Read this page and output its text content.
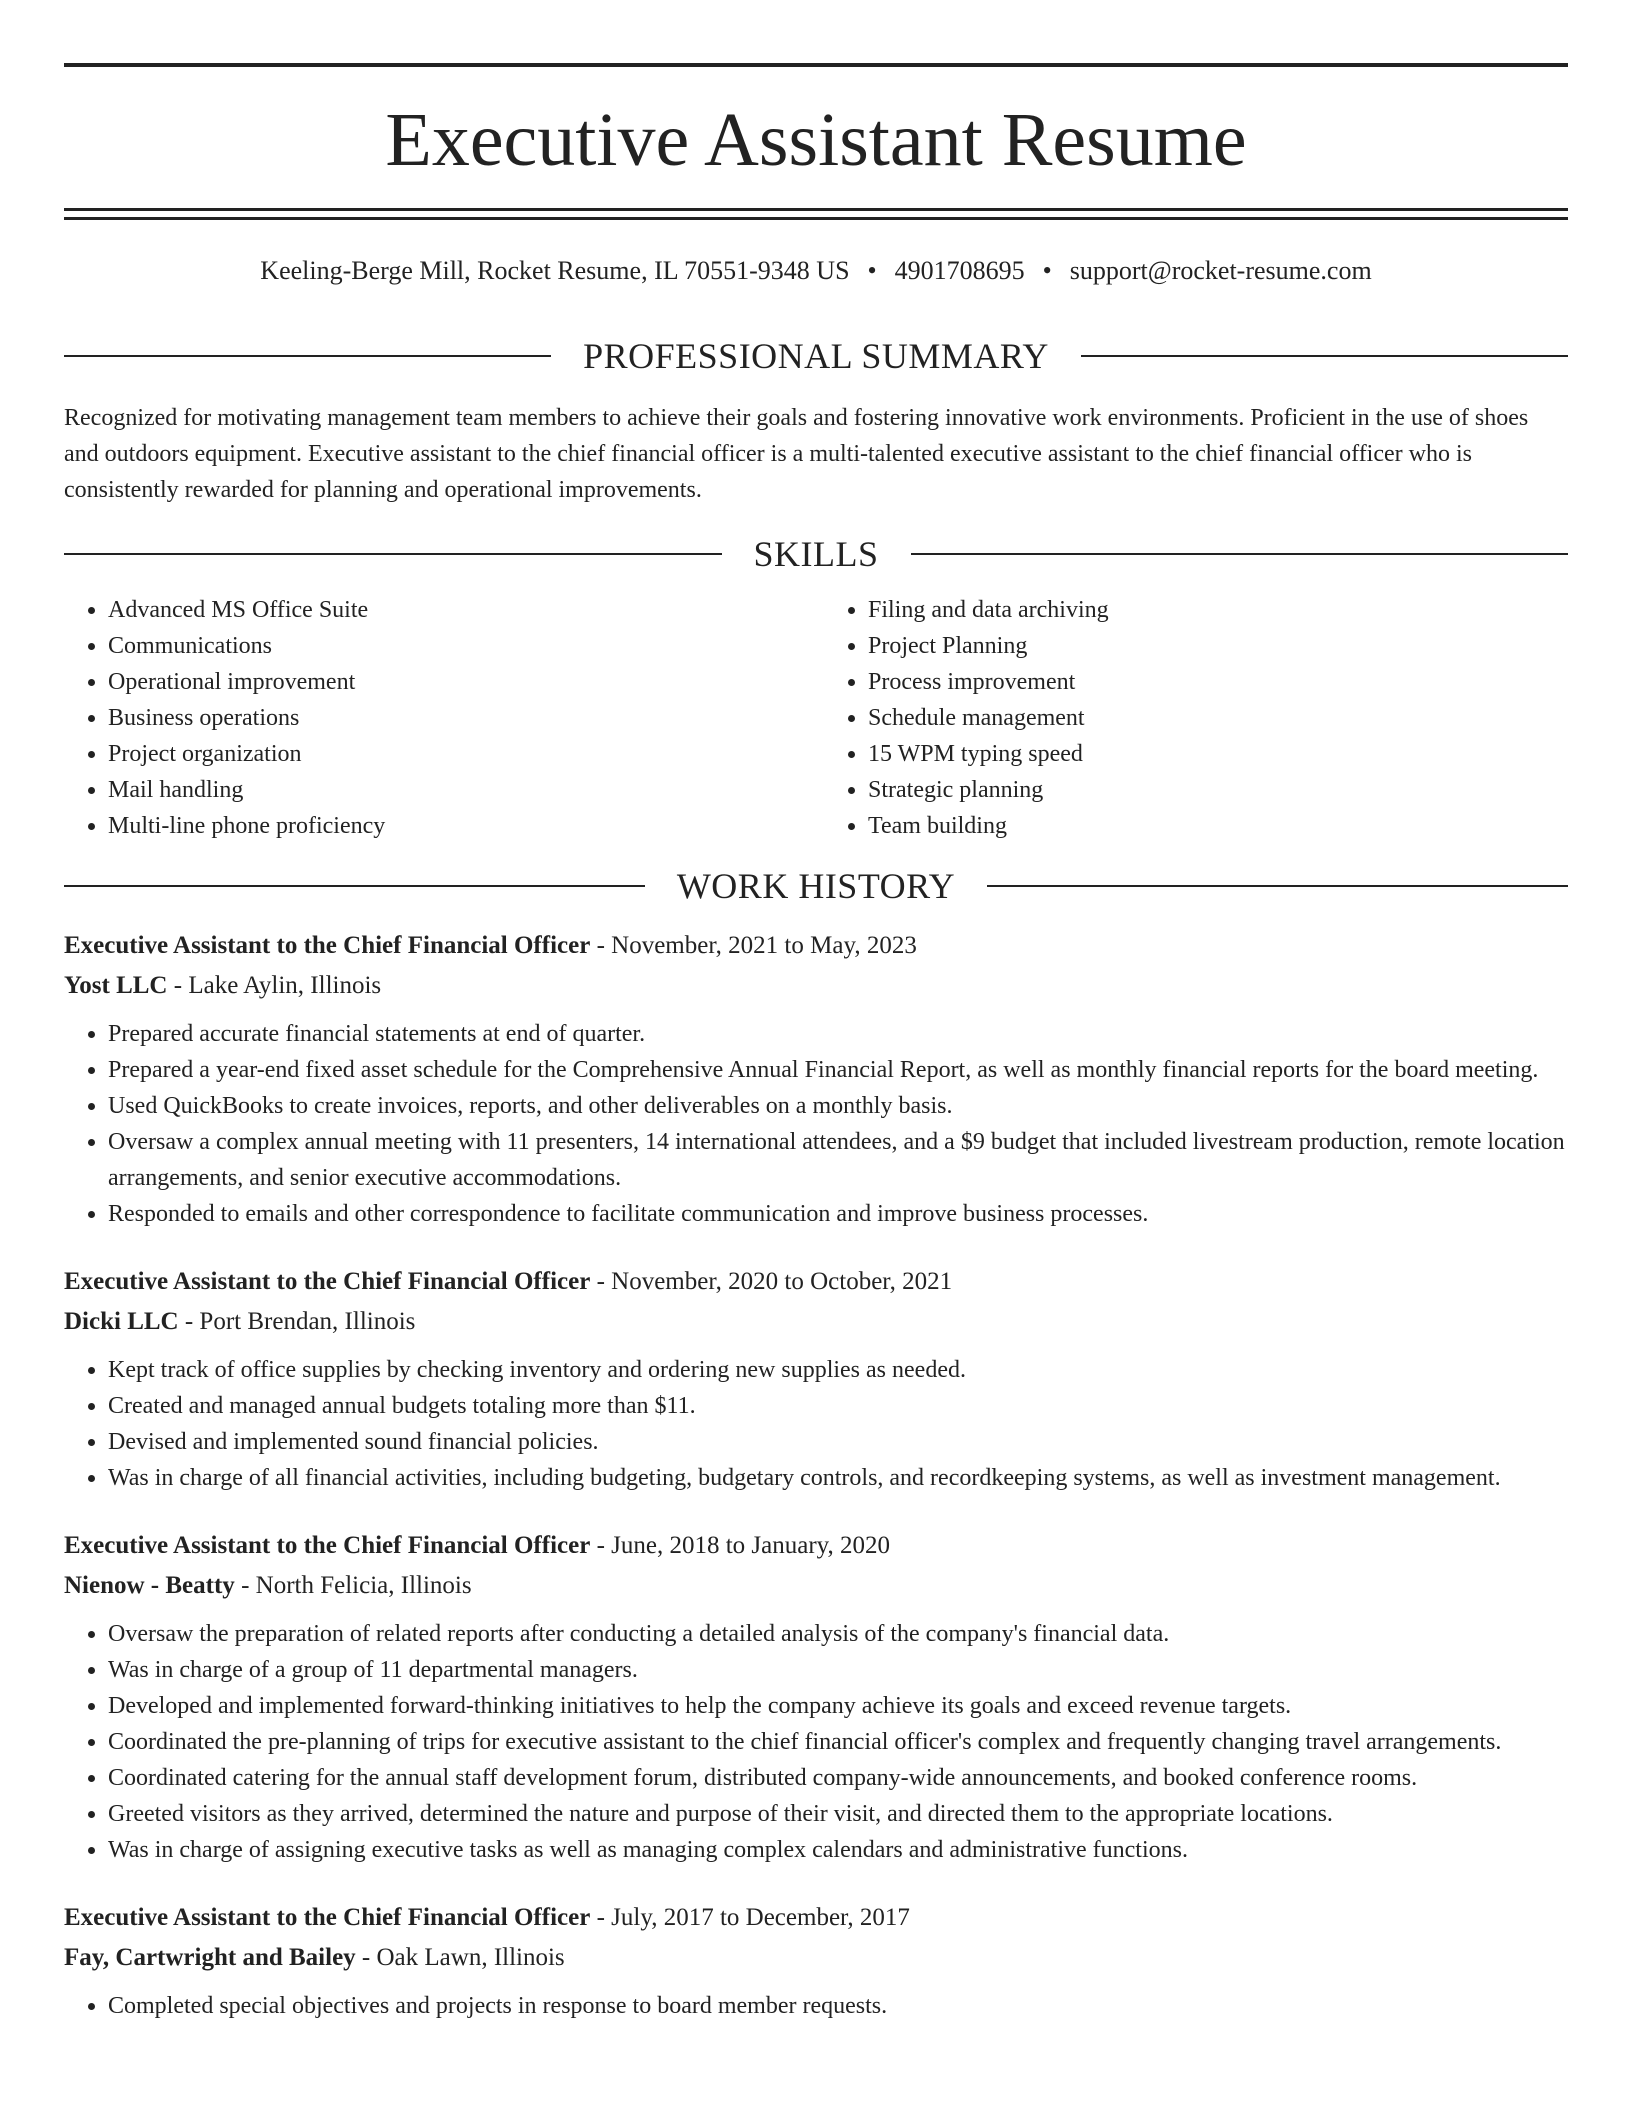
Executive Assistant Resume
Keeling-Berge Mill, Rocket Resume, IL 70551-9348 US • 4901708695 • support@rocket-resume.com
PROFESSIONAL SUMMARY

Recognized for motivating management team members to achieve their goals and fostering innovative work environments. Proficient in the use of shoes and outdoors equipment. Executive assistant to the chief financial officer is a multi-talented executive assistant to the chief financial officer who is consistently rewarded for planning and operational improvements.

SKILLS
• Advanced MS Office Suite
• Communications
• Operational improvement
• Business operations
• Project organization
• Mail handling
• Multi-line phone proficiency
• Filing and data archiving
• Project Planning
• Process improvement
• Schedule management
• 15 WPM typing speed
• Strategic planning
• Team building
WORK HISTORY
Executive Assistant to the Chief Financial Officer - November, 2021 to May, 2023
Yost LLC - Lake Aylin, Illinois
• Prepared accurate financial statements at end of quarter.
• Prepared a year-end fixed asset schedule for the Comprehensive Annual Financial Report, as well as monthly financial reports for the board meeting.
• Used QuickBooks to create invoices, reports, and other deliverables on a monthly basis.
• Oversaw a complex annual meeting with 11 presenters, 14 international attendees, and a $9 budget that included livestream production, remote location arrangements, and senior executive accommodations.
• Responded to emails and other correspondence to facilitate communication and improve business processes.
Executive Assistant to the Chief Financial Officer - November, 2020 to October, 2021
Dicki LLC - Port Brendan, Illinois
• Kept track of office supplies by checking inventory and ordering new supplies as needed.
• Created and managed annual budgets totaling more than $11.
• Devised and implemented sound financial policies.
• Was in charge of all financial activities, including budgeting, budgetary controls, and recordkeeping systems, as well as investment management.
Executive Assistant to the Chief Financial Officer - June, 2018 to January, 2020
Nienow - Beatty - North Felicia, Illinois
• Oversaw the preparation of related reports after conducting a detailed analysis of the company's financial data.
• Was in charge of a group of 11 departmental managers.
• Developed and implemented forward-thinking initiatives to help the company achieve its goals and exceed revenue targets.
• Coordinated the pre-planning of trips for executive assistant to the chief financial officer's complex and frequently changing travel arrangements.
• Coordinated catering for the annual staff development forum, distributed company-wide announcements, and booked conference rooms.
• Greeted visitors as they arrived, determined the nature and purpose of their visit, and directed them to the appropriate locations.
• Was in charge of assigning executive tasks as well as managing complex calendars and administrative functions.
Executive Assistant to the Chief Financial Officer - July, 2017 to December, 2017
Fay, Cartwright and Bailey - Oak Lawn, Illinois
• Completed special objectives and projects in response to board member requests.
